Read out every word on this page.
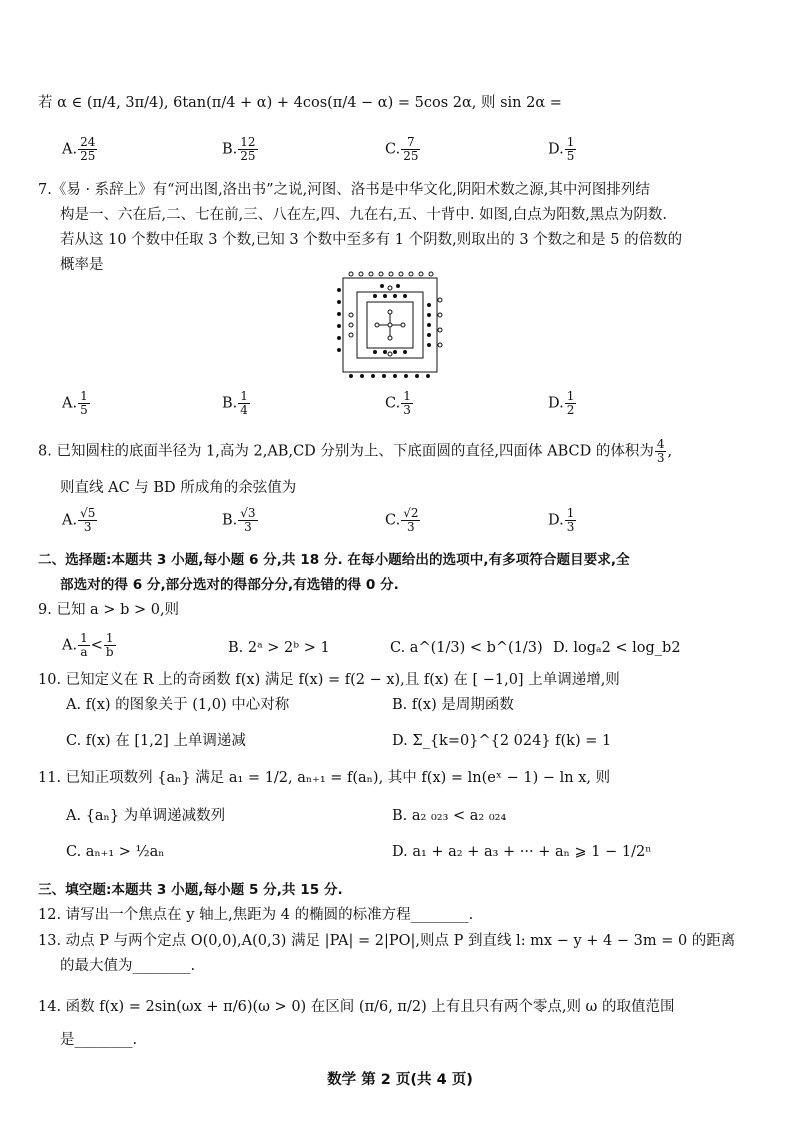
若 α ∈ (π/4, 3π/4), 6tan(π/4 + α) + 4cos(π/4 − α) = 5cos 2α, 则 sin 2α =
A. $\frac{24}{25}$	B. $\frac{12}{25}$	C. $\frac{7}{25}$	D. $\frac{1}{5}$
7.《易 · 系辞上》有“河出图,洛出书”之说,河图、洛书是中华文化,阴阳术数之源,其中河图排列结
构是一、六在后,二、七在前,三、八在左,四、九在右,五、十背中. 如图,白点为阳数,黑点为阴数.
若从这 10 个数中任取 3 个数,已知 3 个数中至多有 1 个阴数,则取出的 3 个数之和是 5 的倍数的
概率是
A. $\frac{1}{5}$	B. $\frac{1}{4}$	C. $\frac{1}{3}$	D. $\frac{1}{2}$
8. 已知圆柱的底面半径为 1,高为 2,AB,CD 分别为上、下底面圆的直径,四面体 ABCD 的体积为 $\frac{4}{3}$ ,
则直线 AC 与 BD 所成角的余弦值为
A. $\frac{√5}{3}$	B. $\frac{√3}{3}$	C. $\frac{√2}{3}$	D. $\frac{1}{3}$
二、选择题:本题共 3 小题,每小题 6 分,共 18 分. 在每小题给出的选项中,有多项符合题目要求,全
部选对的得 6 分,部分选对的得部分分,有选错的得 0 分.
9. 已知 a > b > 0,则
A. $\frac{1}{a} < \frac{1}{b}$	B. 2ᵃ > 2ᵇ > 1	C. a^(1/3) < b^(1/3) D. logₐ2 < log_b2
10. 已知定义在 R 上的奇函数 f(x) 满足 f(x) = f(2 − x),且 f(x) 在 [ −1,0] 上单调递增,则
A. f(x) 的图象关于 (1,0) 中心对称	B. f(x) 是周期函数
C. f(x) 在 [1,2] 上单调递减	D. Σ_{k=0}^{2 024} f(k) = 1
11. 已知正项数列 {aₙ} 满足 a₁ = 1/2, aₙ₊₁ = f(aₙ), 其中 f(x) = ln(eˣ − 1) − ln x, 则
A. {aₙ} 为单调递减数列	B. a₂ ₀₂₃ < a₂ ₀₂₄
C. aₙ₊₁ > ½aₙ	D. a₁ + a₂ + a₃ + ··· + aₙ ⩾ 1 − 1/2ⁿ
三、填空题:本题共 3 小题,每小题 5 分,共 15 分.
12. 请写出一个焦点在 y 轴上,焦距为 4 的椭圆的标准方程________.
13. 动点 P 与两个定点 O(0,0),A(0,3) 满足 |PA| = 2|PO|,则点 P 到直线 l: mx − y + 4 − 3m = 0 的距离
的最大值为________.
14. 函数 f(x) = 2sin(ωx + π/6)(ω > 0) 在区间 (π/6, π/2) 上有且只有两个零点,则 ω 的取值范围
是________.
数学 第 2 页(共 4 页)
